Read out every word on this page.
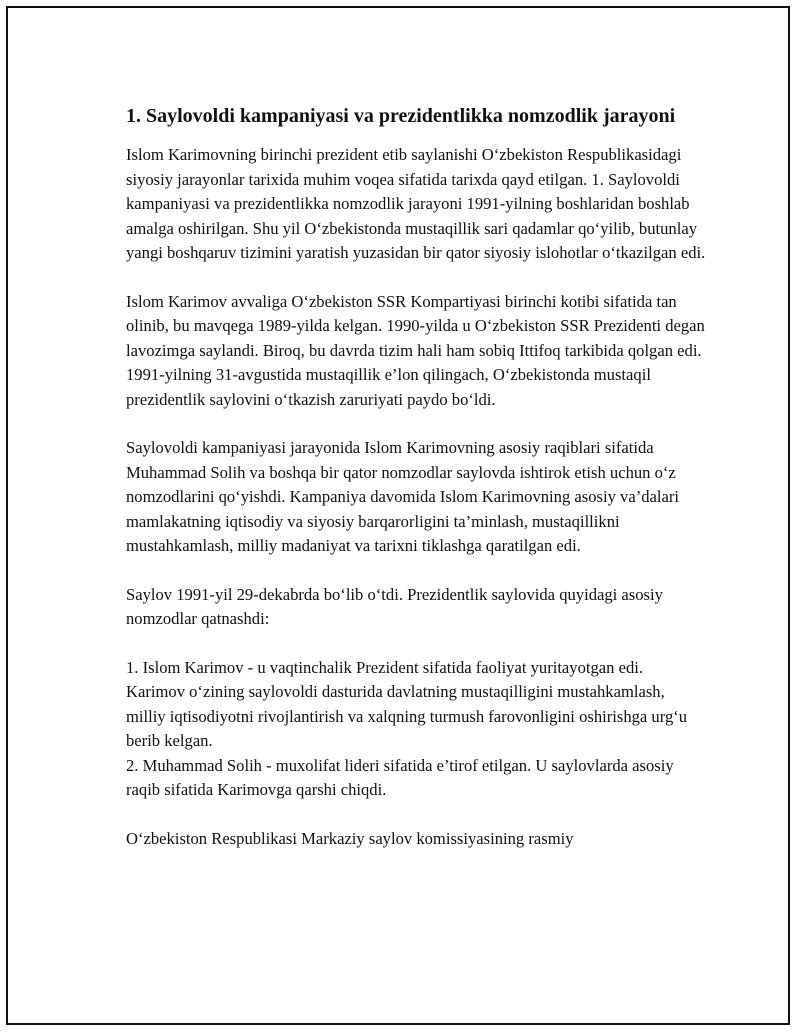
1. Saylovoldi kampaniyasi va prezidentlikka nomzodlik jarayoni

Islom Karimovning birinchi prezident etib saylanishi O‘zbekiston Respublikasidagi siyosiy jarayonlar tarixida muhim voqea sifatida tarixda qayd etilgan. 1. Saylovoldi kampaniyasi va prezidentlikka nomzodlik jarayoni 1991-yilning boshlaridan boshlab amalga oshirilgan. Shu yil O‘zbekistonda mustaqillik sari qadamlar qo‘yilib, butunlay yangi boshqaruv tizimini yaratish yuzasidan bir qator siyosiy islohotlar o‘tkazilgan edi.

Islom Karimov avvaliga O‘zbekiston SSR Kompartiyasi birinchi kotibi sifatida tan olinib, bu mavqega 1989-yilda kelgan. 1990-yilda u O‘zbekiston SSR Prezidenti degan lavozimga saylandi. Biroq, bu davrda tizim hali ham sobiq Ittifoq tarkibida qolgan edi. 1991-yilning 31-avgustida mustaqillik e’lon qilingach, O‘zbekistonda mustaqil prezidentlik saylovini o‘tkazish zaruriyati paydo bo‘ldi.

Saylovoldi kampaniyasi jarayonida Islom Karimovning asosiy raqiblari sifatida Muhammad Solih va boshqa bir qator nomzodlar saylovda ishtirok etish uchun o‘z nomzodlarini qo‘yishdi. Kampaniya davomida Islom Karimovning asosiy va’dalari mamlakatning iqtisodiy va siyosiy barqarorligini ta’minlash, mustaqillikni mustahkamlash, milliy madaniyat va tarixni tiklashga qaratilgan edi.

Saylov 1991-yil 29-dekabrda bo‘lib o‘tdi. Prezidentlik saylovida quyidagi asosiy nomzodlar qatnashdi:

1. Islom Karimov - u vaqtinchalik Prezident sifatida faoliyat yuritayotgan edi. Karimov o‘zining saylovoldi dasturida davlatning mustaqilligini mustahkamlash, milliy iqtisodiyotni rivojlantirish va xalqning turmush farovonligini oshirishga urg‘u berib kelgan.
2. Muhammad Solih - muxolifat lideri sifatida e’tirof etilgan. U saylovlarda asosiy raqib sifatida Karimovga qarshi chiqdi.

O‘zbekiston Respublikasi Markaziy saylov komissiyasining rasmiy
